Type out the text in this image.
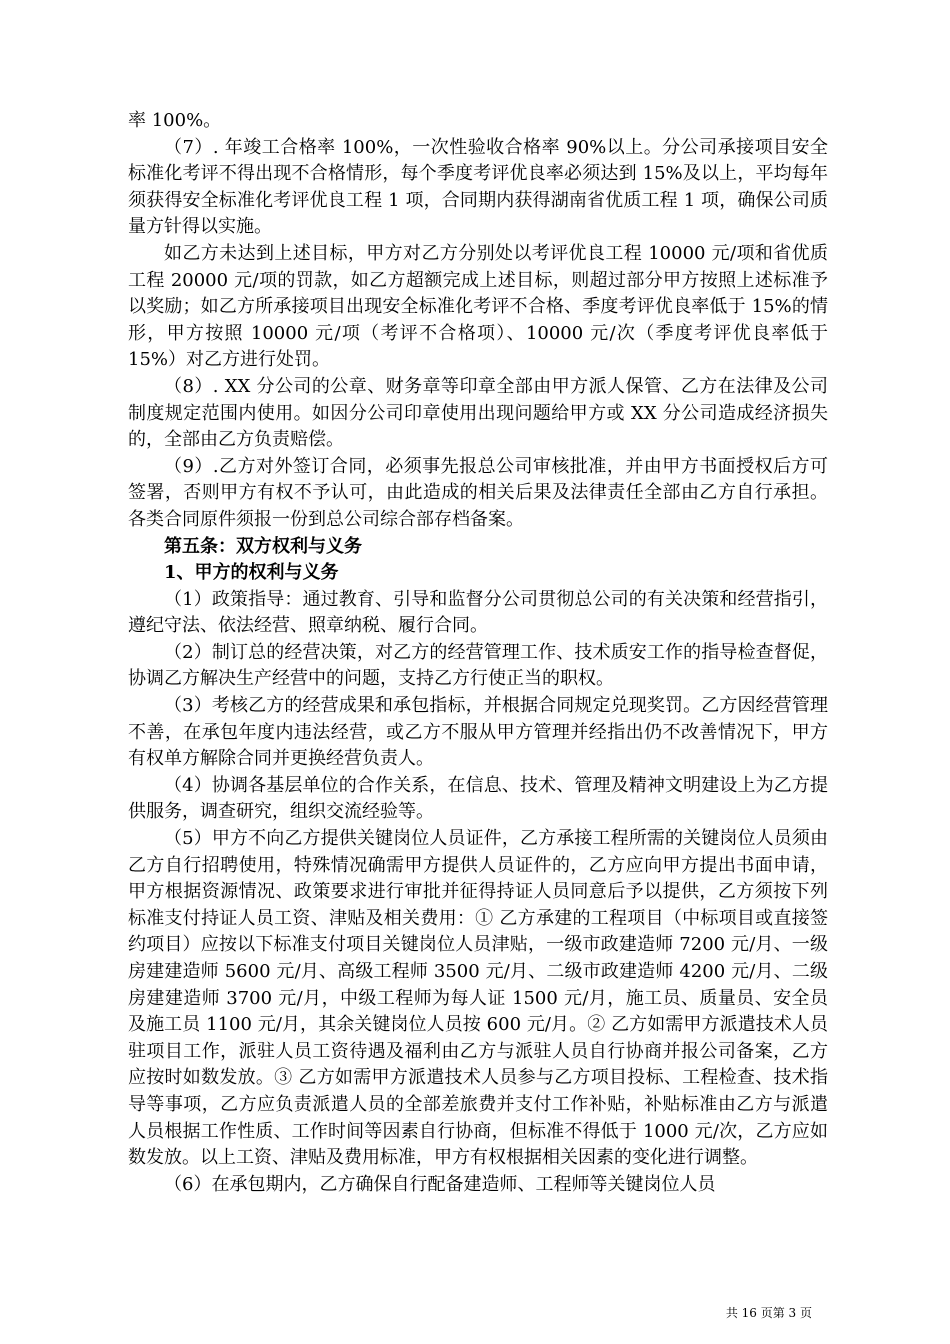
率 100%。

（7）. 年竣工合格率 100%，一次性验收合格率 90%以上。分公司承接项目安全标准化考评不得出现不合格情形，每个季度考评优良率必须达到 15%及以上，平均每年须获得安全标准化考评优良工程 1 项，合同期内获得湖南省优质工程 1 项，确保公司质量方针得以实施。

如乙方未达到上述目标，甲方对乙方分别处以考评优良工程 10000 元/项和省优质工程 20000 元/项的罚款，如乙方超额完成上述目标，则超过部分甲方按照上述标准予以奖励；如乙方所承接项目出现安全标准化考评不合格、季度考评优良率低于 15%的情形，甲方按照 10000 元/项（考评不合格项）、10000 元/次（季度考评优良率低于 15%）对乙方进行处罚。

（8）. XX 分公司的公章、财务章等印章全部由甲方派人保管、乙方在法律及公司制度规定范围内使用。如因分公司印章使用出现问题给甲方或 XX 分公司造成经济损失的，全部由乙方负责赔偿。

（9）.乙方对外签订合同，必须事先报总公司审核批准，并由甲方书面授权后方可签署，否则甲方有权不予认可，由此造成的相关后果及法律责任全部由乙方自行承担。各类合同原件须报一份到总公司综合部存档备案。

第五条：双方权利与义务

1、甲方的权利与义务

（1）政策指导：通过教育、引导和监督分公司贯彻总公司的有关决策和经营指引，遵纪守法、依法经营、照章纳税、履行合同。

（2）制订总的经营决策，对乙方的经营管理工作、技术质安工作的指导检查督促，协调乙方解决生产经营中的问题，支持乙方行使正当的职权。

（3）考核乙方的经营成果和承包指标，并根据合同规定兑现奖罚。乙方因经营管理不善，在承包年度内违法经营，或乙方不服从甲方管理并经指出仍不改善情况下，甲方有权单方解除合同并更换经营负责人。

（4）协调各基层单位的合作关系，在信息、技术、管理及精神文明建设上为乙方提供服务，调查研究，组织交流经验等。

（5）甲方不向乙方提供关键岗位人员证件，乙方承接工程所需的关键岗位人员须由乙方自行招聘使用，特殊情况确需甲方提供人员证件的，乙方应向甲方提出书面申请，甲方根据资源情况、政策要求进行审批并征得持证人员同意后予以提供，乙方须按下列标准支付持证人员工资、津贴及相关费用：① 乙方承建的工程项目（中标项目或直接签约项目）应按以下标准支付项目关键岗位人员津贴，一级市政建造师 7200 元/月、一级房建建造师 5600 元/月、高级工程师 3500 元/月、二级市政建造师 4200 元/月、二级房建建造师 3700 元/月，中级工程师为每人证 1500 元/月，施工员、质量员、安全员及施工员 1100 元/月，其余关键岗位人员按 600 元/月。② 乙方如需甲方派遣技术人员驻项目工作，派驻人员工资待遇及福利由乙方与派驻人员自行协商并报公司备案，乙方应按时如数发放。③ 乙方如需甲方派遣技术人员参与乙方项目投标、工程检查、技术指导等事项，乙方应负责派遣人员的全部差旅费并支付工作补贴，补贴标准由乙方与派遣人员根据工作性质、工作时间等因素自行协商，但标准不得低于 1000 元/次，乙方应如数发放。以上工资、津贴及费用标准，甲方有权根据相关因素的变化进行调整。

（6）在承包期内，乙方确保自行配备建造师、工程师等关键岗位人员

共 16 页第 3 页
